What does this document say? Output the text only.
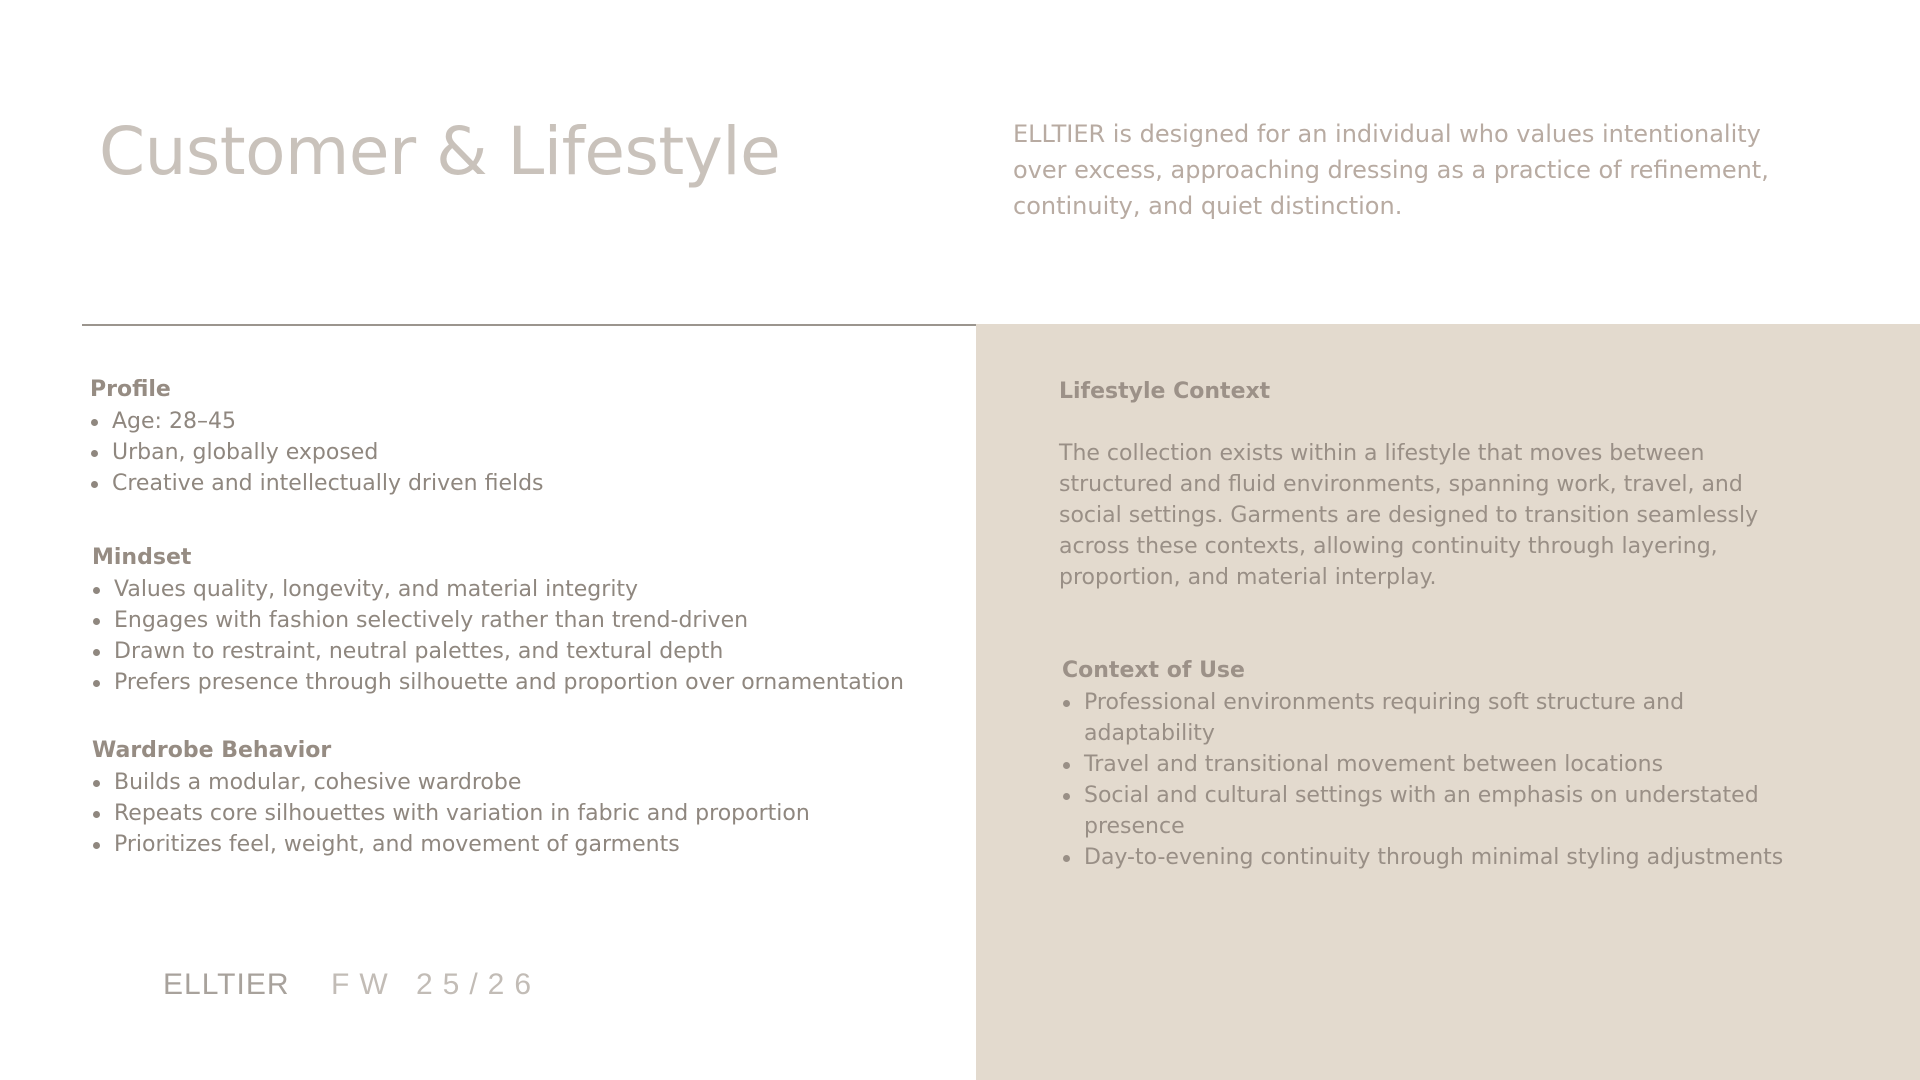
Customer & Lifestyle	ELLTIER is designed for an individual who values intentionality over excess, approaching dressing as a practice of refinement, continuity, and quiet distinction.

Profile
Age: 28–45
Urban, globally exposed
Creative and intellectually driven fields
Mindset
Values quality, longevity, and material integrity
Engages with fashion selectively rather than trend-driven
Drawn to restraint, neutral palettes, and textural depth
Prefers presence through silhouette and proportion over ornamentation
Wardrobe Behavior
Builds a modular, cohesive wardrobe
Repeats core silhouettes with variation in fabric and proportion
Prioritizes feel, weight, and movement of garments
Lifestyle Context

The collection exists within a lifestyle that moves between structured and fluid environments, spanning work, travel, and social settings. Garments are designed to transition seamlessly across these contexts, allowing continuity through layering, proportion, and material interplay.

Context of Use
Professional environments requiring soft structure and adaptability
Travel and transitional movement between locations
Social and cultural settings with an emphasis on understated presence
Day-to-evening continuity through minimal styling adjustments
ELLTIER FW 25/26
